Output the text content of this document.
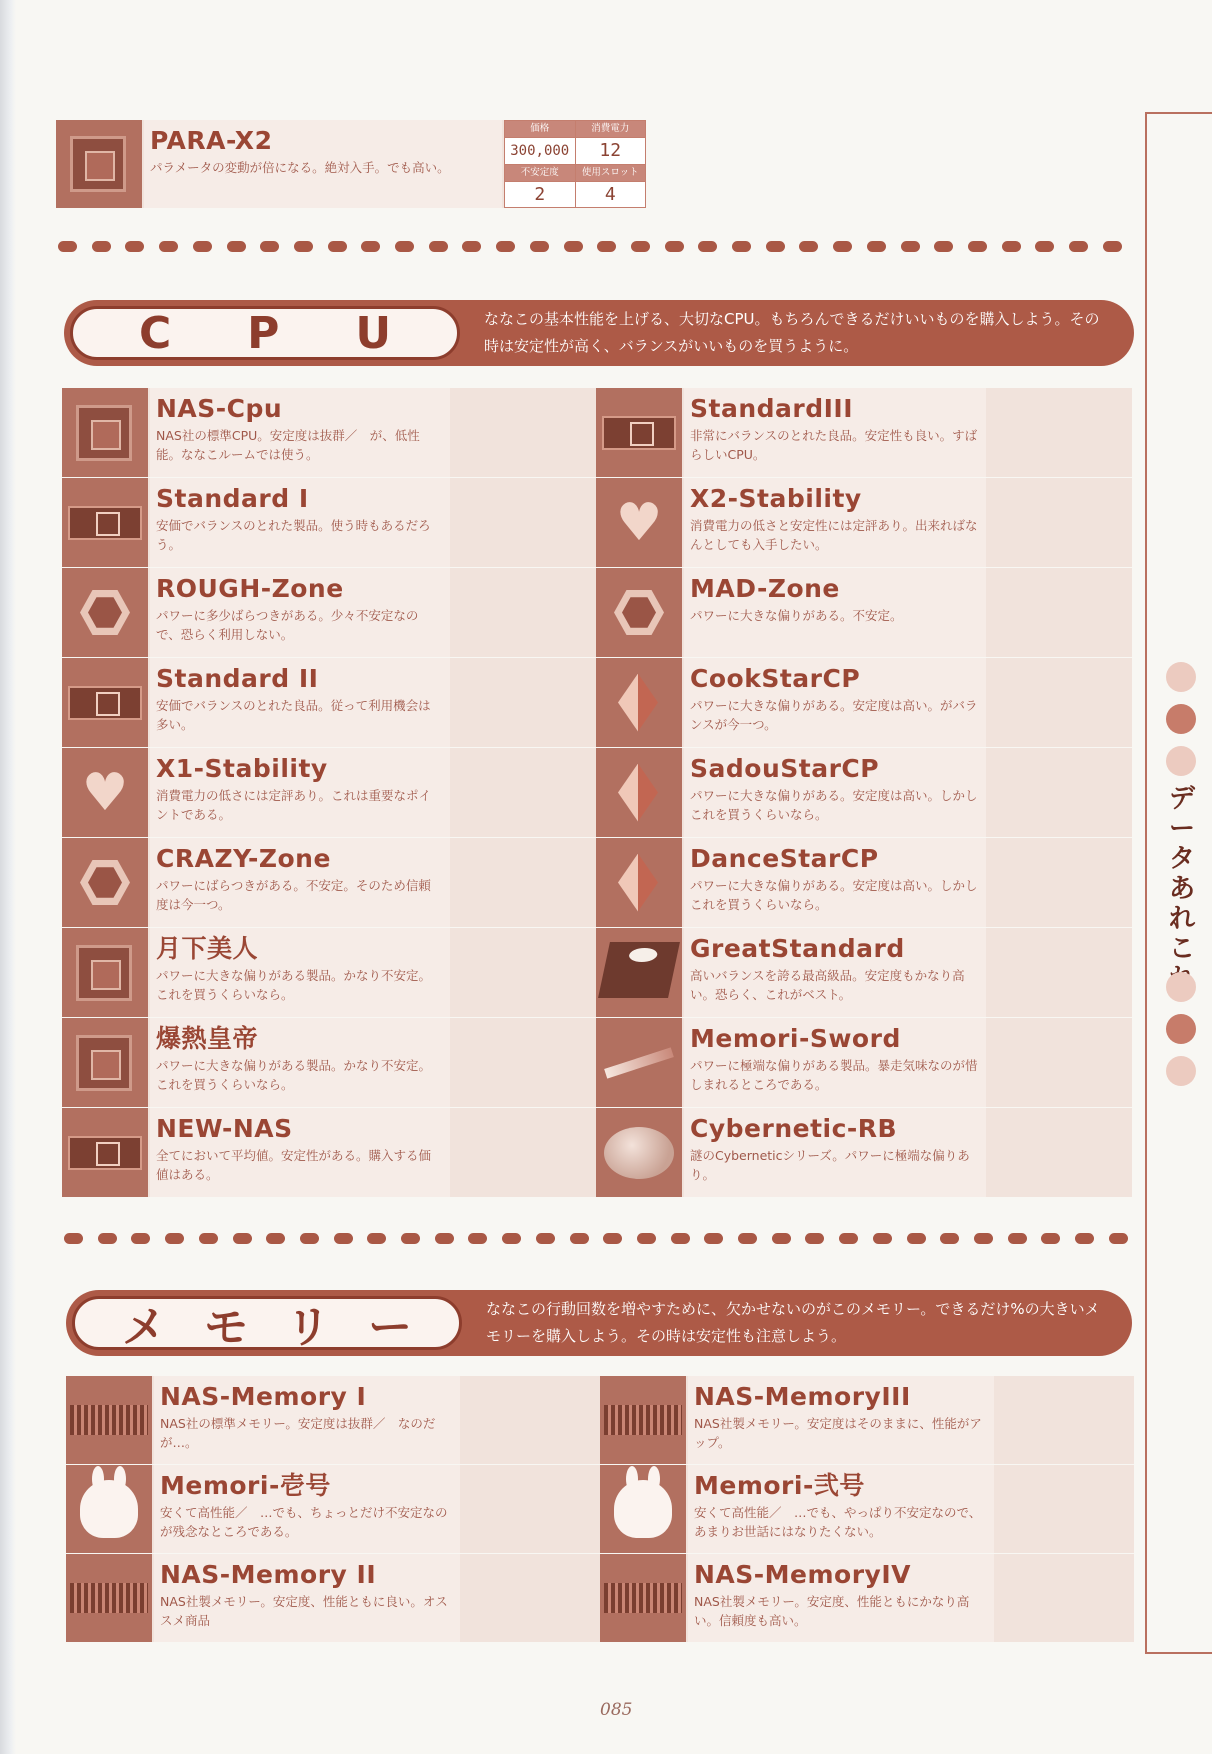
PARA-X2
パラメータの変動が倍になる。絶対入手。でも高い。
価格	消費電力
300,000	12
不安定度	使用スロット
2	4
C P U	ななこの基本性能を上げる、大切なCPU。もちろんできるだけいいものを購入しよう。その時は安定性が高く、バランスがいいものを買うように。
NAS-Cpu
NAS社の標準CPU。安定度は抜群／　が、低性能。ななこルームでは使う。
Standard I
安価でバランスのとれた製品。使う時もあるだろう。
ROUGH-Zone
パワーに多少ばらつきがある。少々不安定なので、恐らく利用しない。
Standard II
安価でバランスのとれた良品。従って利用機会は多い。
♥	X1-Stability
消費電力の低さには定評あり。これは重要なポイントである。
CRAZY-Zone
パワーにばらつきがある。不安定。そのため信頼度は今一つ。
月下美人
パワーに大きな偏りがある製品。かなり不安定。これを買うくらいなら。
爆熱皇帝
パワーに大きな偏りがある製品。かなり不安定。これを買うくらいなら。
NEW-NAS
全てにおいて平均値。安定性がある。購入する価値はある。
StandardIII
非常にバランスのとれた良品。安定性も良い。すばらしいCPU。
♥	X2-Stability
消費電力の低さと安定性には定評あり。出来ればなんとしても入手したい。
MAD-Zone
パワーに大きな偏りがある。不安定。
CookStarCP
パワーに大きな偏りがある。安定度は高い。がバランスが今一つ。
SadouStarCP
パワーに大きな偏りがある。安定度は高い。しかしこれを買うくらいなら。
DanceStarCP
パワーに大きな偏りがある。安定度は高い。しかしこれを買うくらいなら。
GreatStandard
高いバランスを誇る最高級品。安定度もかなり高い。恐らく、これがベスト。
Memori-Sword
パワーに極端な偏りがある製品。暴走気味なのが惜しまれるところである。
Cybernetic-RB
謎のCyberneticシリーズ。パワーに極端な偏りあり。
メ モ リ ー	ななこの行動回数を増やすために、欠かせないのがこのメモリー。できるだけ%の大きいメモリーを購入しよう。その時は安定性も注意しよう。
NAS-Memory I
NAS社の標準メモリー。安定度は抜群／　なのだが…。
Memori-壱号
安くて高性能／　…でも、ちょっとだけ不安定なのが残念なところである。
NAS-Memory II
NAS社製メモリー。安定度、性能ともに良い。オススメ商品
NAS-MemoryIII
NAS社製メモリー。安定度はそのままに、性能がアップ。
Memori-弐号
安くて高性能／　…でも、やっぱり不安定なので、あまりお世話にはなりたくない。
NAS-MemoryIV
NAS社製メモリー。安定度、性能ともにかなり高い。信頼度も高い。
データあれこ
085
